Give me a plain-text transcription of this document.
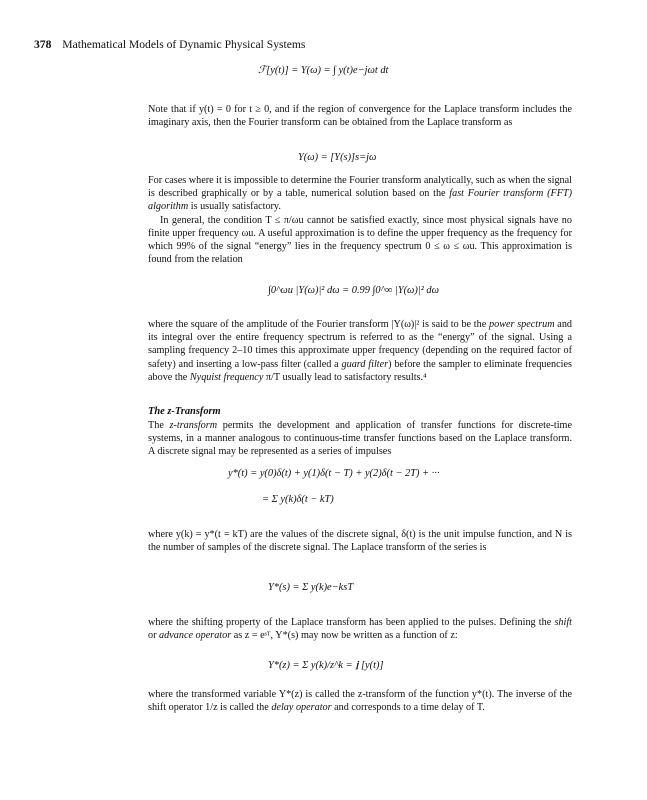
378 Mathematical Models of Dynamic Physical Systems
ℱ[y(t)] = Y(ω) = ∫ y(t)e−jωt dt

Note that if y(t) = 0 for t ≥ 0, and if the region of convergence for the Laplace transform includes the imaginary axis, then the Fourier transform can be obtained from the Laplace transform as

Y(ω) = [Y(s)]s=jω

For cases where it is impossible to determine the Fourier transform analytically, such as when the signal is described graphically or by a table, numerical solution based on the fast Fourier transform (FFT) algorithm is usually satisfactory.

In general, the condition T ≤ π/ωu cannot be satisfied exactly, since most physical signals have no finite upper frequency ωu. A useful approximation is to define the upper frequency as the frequency for which 99% of the signal “energy” lies in the frequency spectrum 0 ≤ ω ≤ ωu. This approximation is found from the relation

∫0^ωu |Y(ω)|² dω = 0.99 ∫0^∞ |Y(ω)|² dω

where the square of the amplitude of the Fourier transform |Y(ω)|² is said to be the power spectrum and its integral over the entire frequency spectrum is referred to as the “energy” of the signal. Using a sampling frequency 2–10 times this approximate upper frequency (depending on the required factor of safety) and inserting a low-pass filter (called a guard filter) before the sampler to eliminate frequencies above the Nyquist frequency π/T usually lead to satisfactory results.⁴

The z-Transform

The z-transform permits the development and application of transfer functions for discrete-time systems, in a manner analogous to continuous-time transfer functions based on the Laplace transform. A discrete signal may be represented as a series of impulses

y*(t) = y(0)δ(t) + y(1)δ(t − T) + y(2)δ(t − 2T) + ···
= Σ y(k)δ(t − kT)

where y(k) = y*(t = kT) are the values of the discrete signal, δ(t) is the unit impulse function, and N is the number of samples of the discrete signal. The Laplace transform of the series is

Y*(s) = Σ y(k)e−ksT

where the shifting property of the Laplace transform has been applied to the pulses. Defining the shift or advance operator as z = eˢᵀ, Y*(s) may now be written as a function of z:

Y*(z) = Σ y(k)/z^k = 𝖏 [y(t)]

where the transformed variable Y*(z) is called the z-transform of the function y*(t). The inverse of the shift operator 1/z is called the delay operator and corresponds to a time delay of T.
